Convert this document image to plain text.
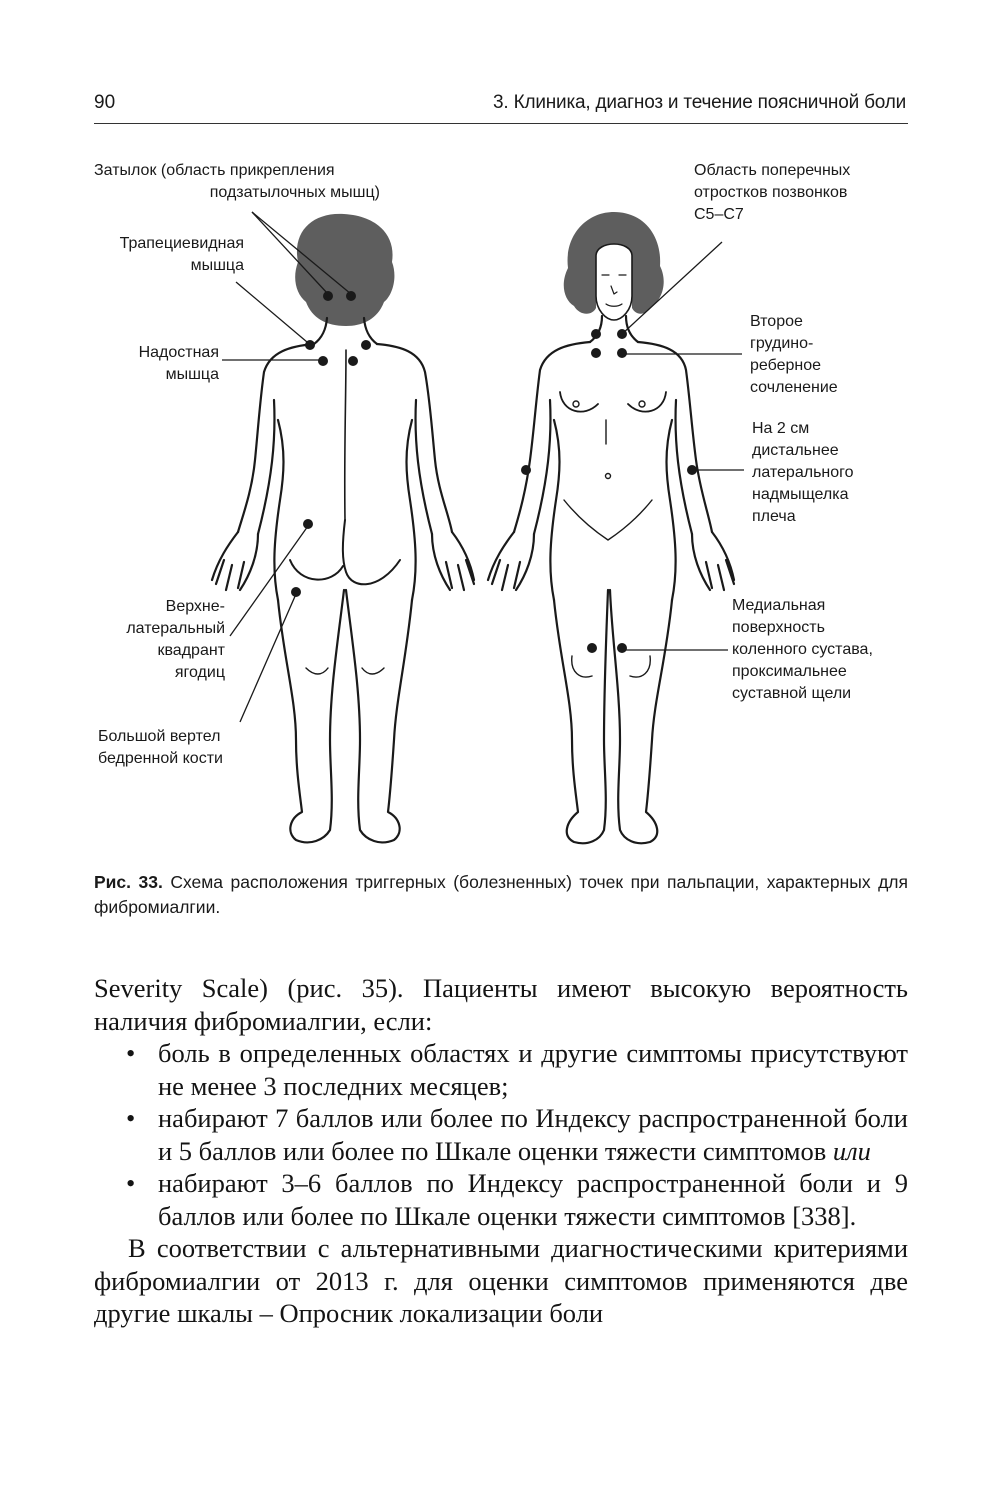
90	3. Клиника, диагноз и течение поясничной боли
Затылок (область прикрепления
подзатылочных мышц)
Трапециевидная
мышца
Надостная
мышца
Верхне-
латеральный
квадрант
ягодиц
Большой вертел
бедренной кости
Область поперечных
отростков позвонков
C5–C7
Второе
грудино-
реберное
сочленение
На 2 см
дистальнее
латерального
надмыщелка
плеча
Медиальная
поверхность
коленного сустава,
проксимальнее
суставной щели
Рис. 33. Схема расположения триггерных (болезненных) точек при пальпации, характерных для фибромиалгии.

Severity Scale) (рис. 35). Пациенты имеют высокую вероятность наличия фибромиалгии, если:

• боль в определенных областях и другие симптомы присутствуют не менее 3 последних месяцев;
• набирают 7 баллов или более по Индексу распространенной боли и 5 баллов или более по Шкале оценки тяжести симптомов или
• набирают 3–6 баллов по Индексу распространенной боли и 9 баллов или более по Шкале оценки тяжести симптомов [338].

В соответствии с альтернативными диагностическими критериями фибромиалгии от 2013 г. для оценки симптомов применяются две другие шкалы – Опросник локализации боли
